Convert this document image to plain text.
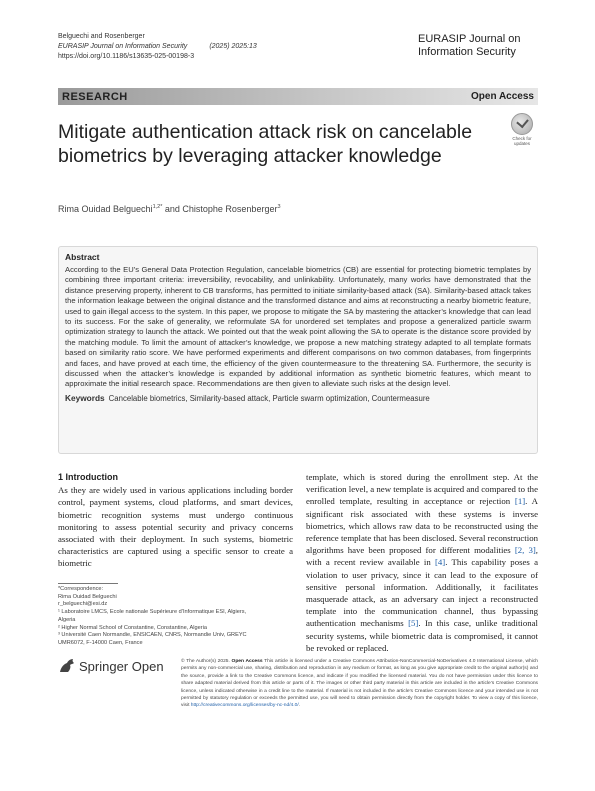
Belguechi and Rosenberger
EURASIP Journal on Information Security	(2025) 2025:13
https://doi.org/10.1186/s13635-025-00198-3
EURASIP Journal on Information Security
RESEARCH	Open Access
Check for
updates
Mitigate authentication attack risk on cancelable biometrics by leveraging attacker knowledge
Rima Ouidad Belguechi$^{1,2*}$ and Chistophe Rosenberger$^3$
Abstract

According to the EU’s General Data Protection Regulation, cancelable biometrics (CB) are essential for protecting biometric templates by combining three important criteria: irreversibility, revocability, and unlinkability. Unfortunately, many works have demonstrated that the distance preserving property, inherent to CB transforms, has permitted to initiate similarity-based attack (SA). Similarity-based attack takes the information leakage between the original distance and the transformed distance and aims at reconstructing a nearby biometric feature, used to gain illegal access to the system. In this paper, we propose to mitigate the SA by mastering the attacker’s knowledge that can lead to its success. For the sake of generality, we reformulate SA for unordered set templates and propose a generalized particle swarm optimization strategy to launch the attack. We pointed out that the weak point allowing the SA to operate is the distance score provided by the matching module. To limit the amount of attacker’s knowledge, we propose a new matching strategy adapted to all template formats based on similarity ratio score. We have performed experiments and different comparisons on two common databases, from fingerprints and faces, and have proved at each time, the efficiency of the given countermeasure to the threatening SA. Furthermore, the security is discussed when the attacker’s knowledge is expanded by additional information as synthetic biometric features, which meant to approximate the initial research space. Recommendations are then given to alleviate such risks at the design level.

Keywords Cancelable biometrics, Similarity-based attack, Particle swarm optimization, Countermeasure
1 Introduction
As they are widely used in various applications including border control, payment systems, cloud platforms, and smart devices, biometric recognition systems must undergo continuous monitoring to assess potential security and privacy concerns associated with their deployment. In such systems, biometric characteristics are captured using a specific sensor to create a biometric
template, which is stored during the enrollment step. At the verification level, a new template is acquired and compared to the enrolled template, resulting in acceptance or rejection [1]. A significant risk associated with these systems is inverse biometrics, which allows raw data to be reconstructed using the reference template that has been disclosed. Several reconstruction algorithms have been proposed for different modalities [2, 3], with a recent review available in [4]. This capability poses a violation to user privacy, since it can lead to the exposure of sensitive personal information. Additionally, it facilitates masquerade attack, as an adversary can inject a reconstructed template into the communication channel, thus bypassing authentication mechanisms [5]. In this case, unlike traditional security systems, while biometric data is compromised, it cannot be revoked or replaced.
*Correspondence:
Rima Ouidad Belguechi
r_belguechi@esi.dz
¹ Laboratoire LMCS, Ecole nationale Supérieure d’Informatique ESI, Algiers, Algeria
² Higher Normal School of Constantine, Constantine, Algeria
³ Université Caen Normandie, ENSICAEN, CNRS, Normandie Univ, GREYC UMR6072, F-14000 Caen, France
Springer Open	© The Author(s) 2025. Open Access This article is licensed under a Creative Commons Attribution-NonCommercial-NoDerivatives 4.0 International License, which permits any non-commercial use, sharing, distribution and reproduction in any medium or format, as long as you give appropriate credit to the original author(s) and the source, provide a link to the Creative Commons licence, and indicate if you modified the licensed material. You do not have permission under this licence to share adapted material derived from this article or parts of it. The images or other third party material in this article are included in the article’s Creative Commons licence, unless indicated otherwise in a credit line to the material. If material is not included in the article’s Creative Commons licence and your intended use is not permitted by statutory regulation or exceeds the permitted use, you will need to obtain permission directly from the copyright holder. To view a copy of this licence, visit http://creativecommons.org/licenses/by-nc-nd/4.0/.
